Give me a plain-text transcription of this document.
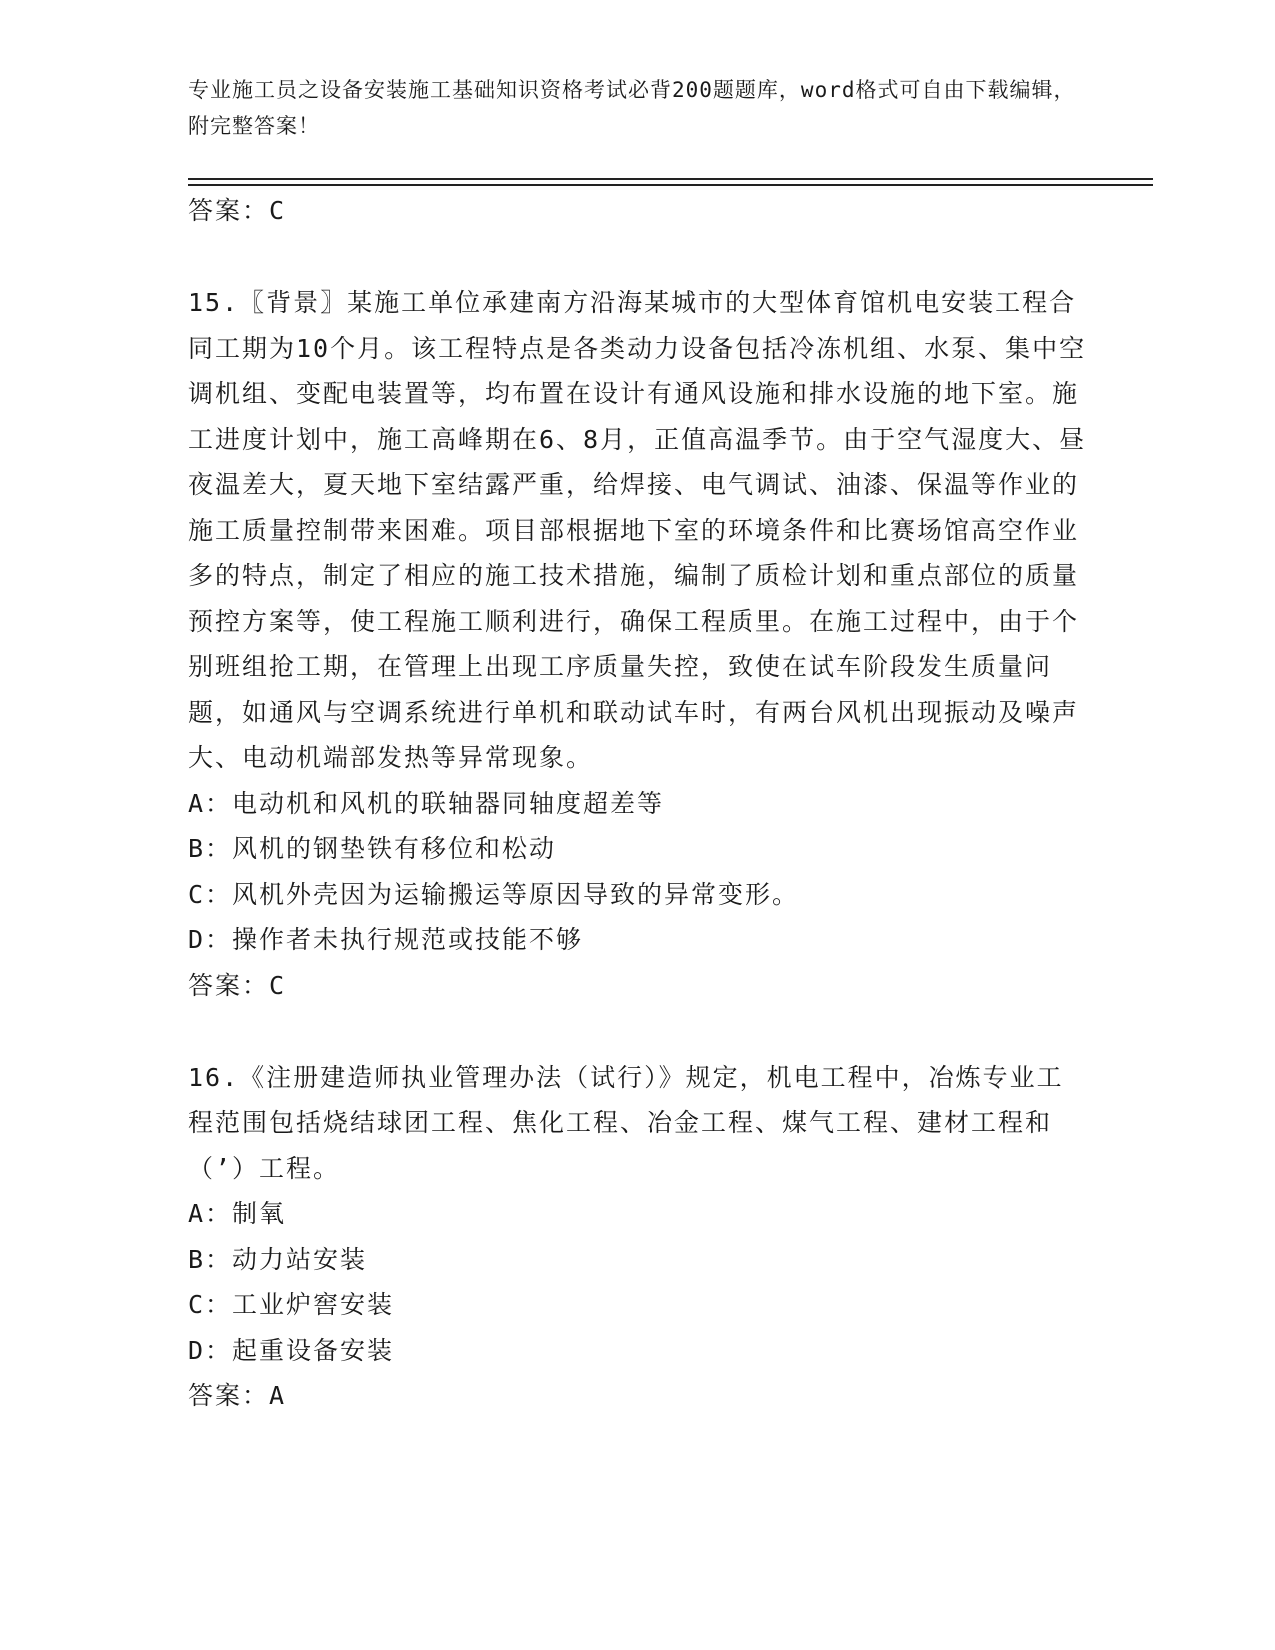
专业施工员之设备安装施工基础知识资格考试必背200题题库，word格式可自由下载编辑，附完整答案！
答案：C

15.〖背景〗某施工单位承建南方沿海某城市的大型体育馆机电安装工程合同工期为10个月。该工程特点是各类动力设备包括冷冻机组、水泵、集中空调机组、变配电装置等，均布置在设计有通风设施和排水设施的地下室。施工进度计划中，施工高峰期在6、8月，正值高温季节。由于空气湿度大、昼夜温差大，夏天地下室结露严重，给焊接、电气调试、油漆、保温等作业的施工质量控制带来困难。项目部根据地下室的环境条件和比赛场馆高空作业多的特点，制定了相应的施工技术措施，编制了质检计划和重点部位的质量预控方案等，使工程施工顺利进行，确保工程质里。在施工过程中，由于个别班组抢工期，在管理上出现工序质量失控，致使在试车阶段发生质量问题，如通风与空调系统进行单机和联动试车时，有两台风机出现振动及噪声大、电动机端部发热等异常现象。

A：电动机和风机的联轴器同轴度超差等

B：风机的钢垫铁有移位和松动

C：风机外壳因为运输搬运等原因导致的异常变形。

D：操作者未执行规范或技能不够

答案：C

16.《注册建造师执业管理办法（试行）》规定，机电工程中，冶炼专业工程范围包括烧结球团工程、焦化工程、冶金工程、煤气工程、建材工程和（’）工程。

A：制氧

B：动力站安装

C：工业炉窖安装

D：起重设备安装

答案：A
